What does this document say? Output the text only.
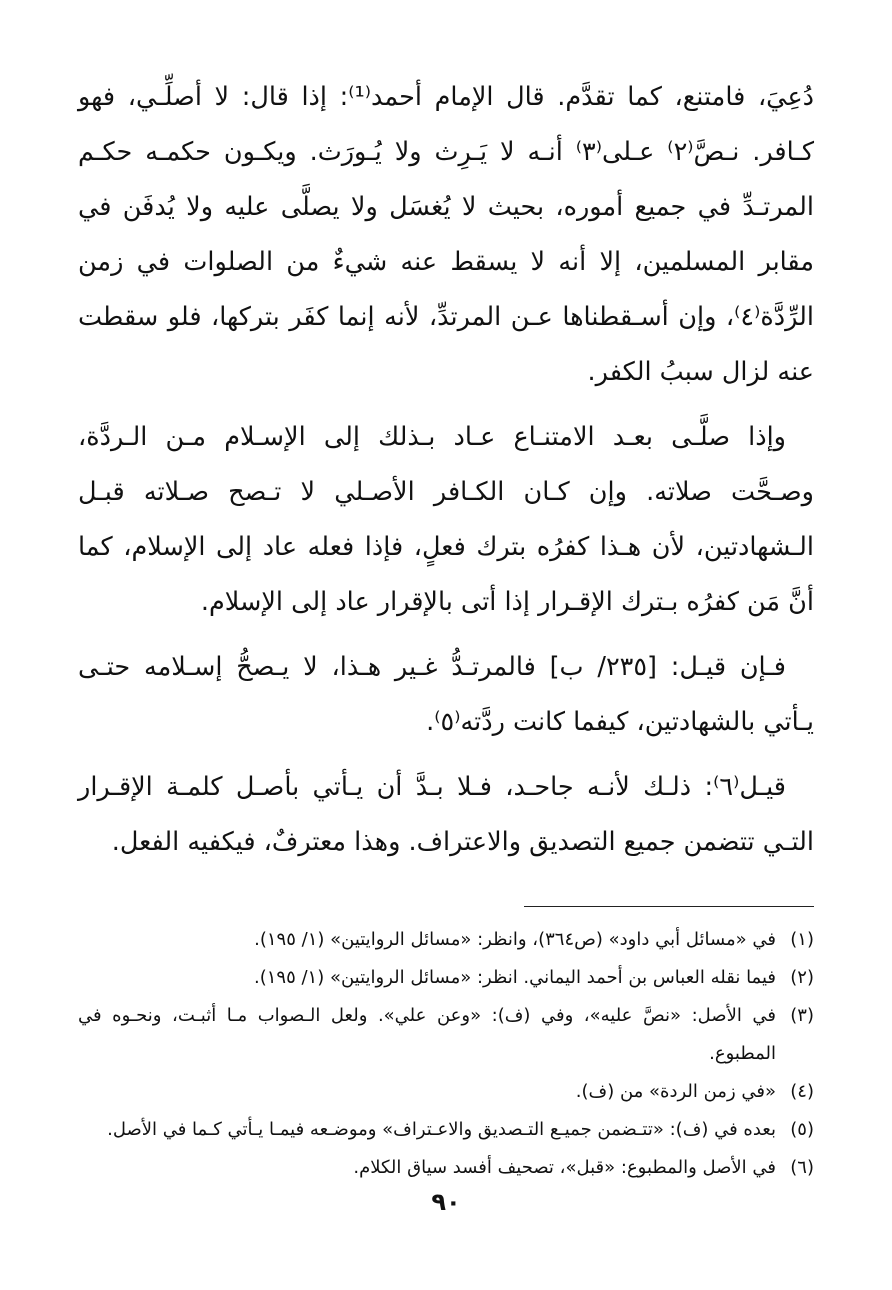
دُعِيَ، فامتنع، كما تقدَّم. قال الإمام أحمد⁽¹⁾: إذا قال: لا أصلِّـي، فهو كـافر. نـصَّ⁽٢⁾ عـلى⁽٣⁾ أنـه لا يَـرِث ولا يُـورَث. ويكـون حكمـه حكـم المرتـدِّ في جميع أموره، بحيث لا يُغسَل ولا يصلَّى عليه ولا يُدفَن في مقابر المسلمين، إلا أنه لا يسقط عنه شيءٌ من الصلوات في زمن الرِّدَّة⁽٤⁾، وإن أسـقطناها عـن المرتدِّ، لأنه إنما كفَر بتركها، فلو سقطت عنه لزال سببُ الكفر.

وإذا صلَّـى بعـد الامتنـاع عـاد بـذلك إلى الإسـلام مـن الـردَّة، وصـحَّت صلاته. وإن كـان الكـافر الأصـلي لا تـصح صـلاته قبـل الـشهادتين، لأن هـذا كفرُه بترك فعلٍ، فإذا فعله عاد إلى الإسلام، كما أنَّ مَن كفرُه بـترك الإقـرار إذا أتى بالإقرار عاد إلى الإسلام.

فـإن قيـل: [٢٣٥/ ب] فالمرتـدُّ غـير هـذا، لا يـصحُّ إسـلامه حتـى يـأتي بالشهادتين، كيفما كانت ردَّته⁽٥⁾.

قيـل⁽٦⁾: ذلـك لأنـه جاحـد، فـلا بـدَّ أن يـأتي بأصـل كلمـة الإقـرار التـي تتضمن جميع التصديق والاعتراف. وهذا معترفٌ، فيكفيه الفعل.

(١)
في «مسائل أبي داود» (ص٣٦٤)، وانظر: «مسائل الروايتين» (١/ ١٩٥).
(٢)
فيما نقله العباس بن أحمد اليماني. انظر: «مسائل الروايتين» (١/ ١٩٥).
(٣)
في الأصل: «نصَّ عليه»، وفي (ف): «وعن علي». ولعل الـصواب مـا أثبـت، ونحـوه في المطبوع.
(٤)
«في زمن الردة» من (ف).
(٥)
بعده في (ف): «تتـضمن جميـع التـصديق والاعـتراف» وموضـعه فيمـا يـأتي كـما في الأصل.
(٦)
في الأصل والمطبوع: «قبل»، تصحيف أفسد سياق الكلام.
٩٠
